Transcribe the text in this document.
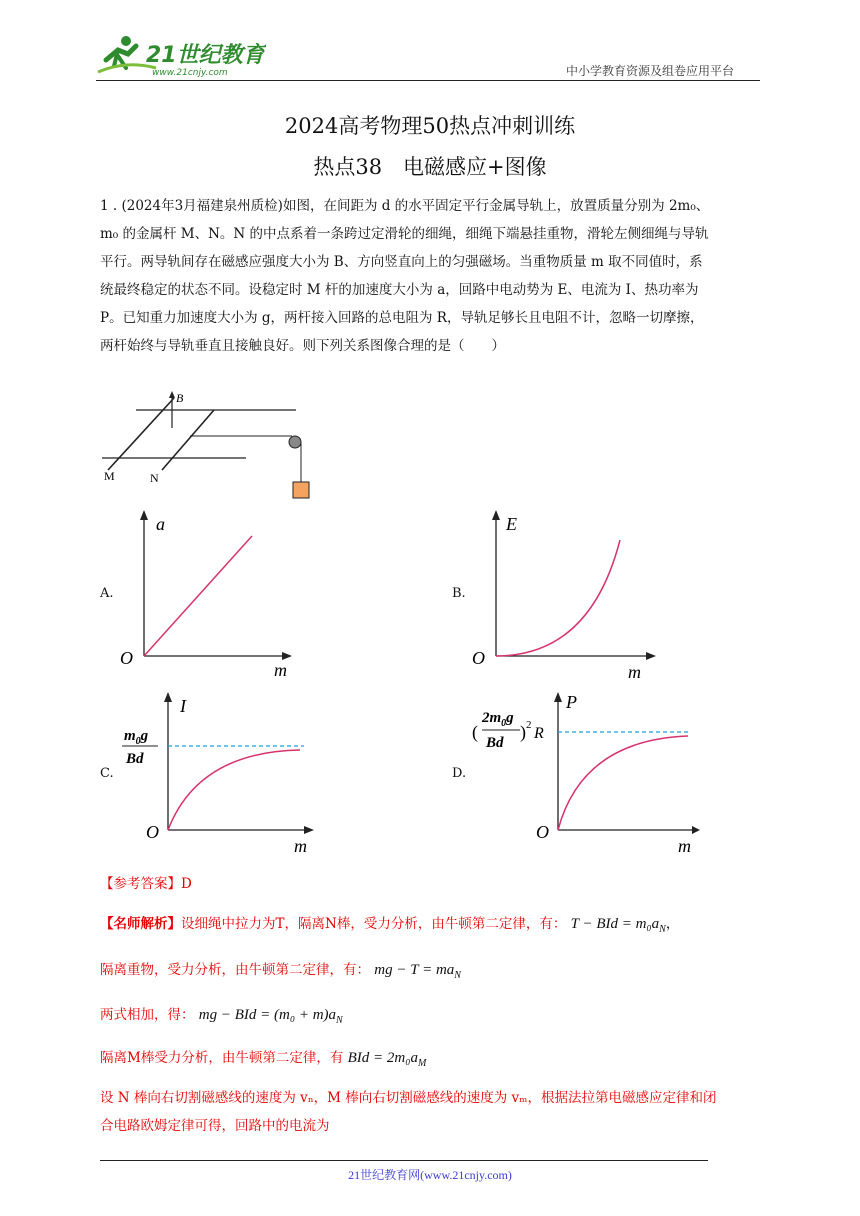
21世纪教育
www.21cnjy.com	中小学教育资源及组卷应用平台
2024高考物理50热点冲刺训练
热点38　电磁感应+图像
1 . (2024年3月福建泉州质检)如图，在间距为 d 的水平固定平行金属导轨上，放置质量分别为 2m₀、
m₀ 的金属杆 M、N。N 的中点系着一条跨过定滑轮的细绳，细绳下端悬挂重物，滑轮左侧细绳与导轨
平行。两导轨间存在磁感应强度大小为 B、方向竖直向上的匀强磁场。当重物质量 m 取不同值时，系
统最终稳定的状态不同。设稳定时 M 杆的加速度大小为 a，回路中电动势为 E、电流为 I、热功率为
P。已知重力加速度大小为 g，两杆接入回路的总电阻为 R，导轨足够长且电阻不计，忽略一切摩擦，
两杆始终与导轨垂直且接触良好。则下列关系图像合理的是（　　）
B
M	N
A.
a
m
O
B.
E
m
O
C.
I
m
O
$m_0g$
Bd
D.
P
m
O
(
$2m_0g$
Bd
) 2 R
【参考答案】D
【名师解析】设细绳中拉力为T，隔离N棒，受力分析，由牛顿第二定律，有： T − BId = $m_0a_N$，
隔离重物，受力分析，由牛顿第二定律，有： mg − $T = ma_N$
两式相加，得： mg − BId = $(m_0 + m)a_N$
隔离M棒受力分析，由牛顿第二定律，有 BId = $2m_0a_M$
设 N 棒向右切割磁感线的速度为 vₙ，M 棒向右切割磁感线的速度为 vₘ，根据法拉第电磁感应定律和闭
合电路欧姆定律可得，回路中的电流为
21世纪教育网(www.21cnjy.com)
